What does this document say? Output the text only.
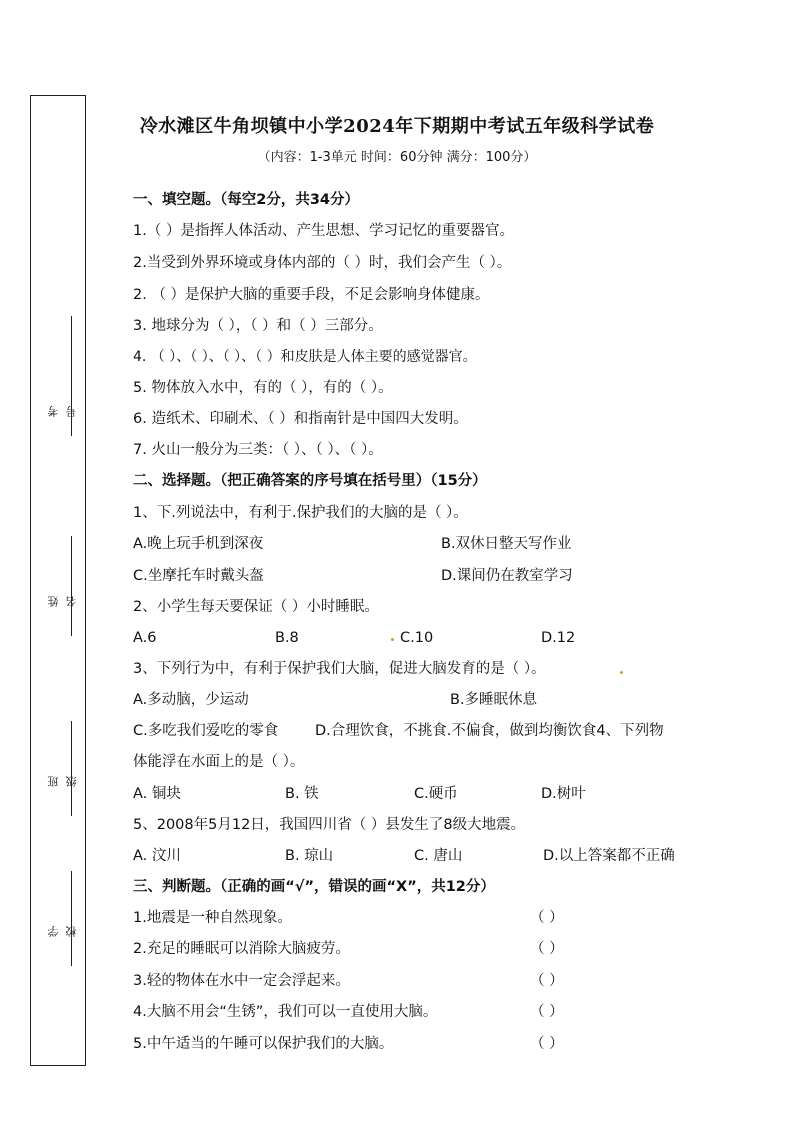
考号
姓名
班级
学校
冷水滩区牛角坝镇中小学2024年下期期中考试五年级科学试卷
（内容：1-3单元 时间：60分钟 满分：100分）
一、填空题。（每空2分，共34分）
1.（ ）是指挥人体活动、产生思想、学习记忆的重要器官。
2.当受到外界环境或身体内部的（ ）时，我们会产生（ ）。
2. （ ）是保护大脑的重要手段，不足会影响身体健康。
3. 地球分为（ ），（ ）和（ ）三部分。
4. （ ）、（ ）、（ ）、（ ）和皮肤是人体主要的感觉器官。
5. 物体放入水中，有的（ ），有的（ ）。
6. 造纸术、印刷术、（ ）和指南针是中国四大发明。
7. 火山一般分为三类：（ ）、（ ）、（ ）。
二、选择题。（把正确答案的序号填在括号里）（15分）
1、下.列说法中，有利于.保护我们的大脑的是（ ）。
A.晚上玩手机到深夜	B.双休日整天写作业
C.坐摩托车时戴头盔	D.课间仍在教室学习
2、小学生每天要保证（ ）小时睡眠。
A.6	B.8	C.10	D.12
3、下列行为中，有利于保护我们大脑，促进大脑发育的是（ ）。
A.多动脑，少运动	B.多睡眠休息
C.多吃我们爱吃的零食	D.合理饮食，不挑食.不偏食，做到均衡饮食4、下列物
体能浮在水面上的是（ ）。
A. 铜块	B. 铁	C.硬币	D.树叶
5、2008年5月12日，我国四川省（ ）县发生了8级大地震。
A. 汶川	B. 琼山	C. 唐山	D.以上答案都不正确
三、判断题。（正确的画“√”，错误的画“X”，共12分）
1.地震是一种自然现象。	（ ）
2.充足的睡眠可以消除大脑疲劳。	（ ）
3.轻的物体在水中一定会浮起来。	（ ）
4.大脑不用会“生锈”，我们可以一直使用大脑。	（ ）
5.中午适当的午睡可以保护我们的大脑。	（ ）
